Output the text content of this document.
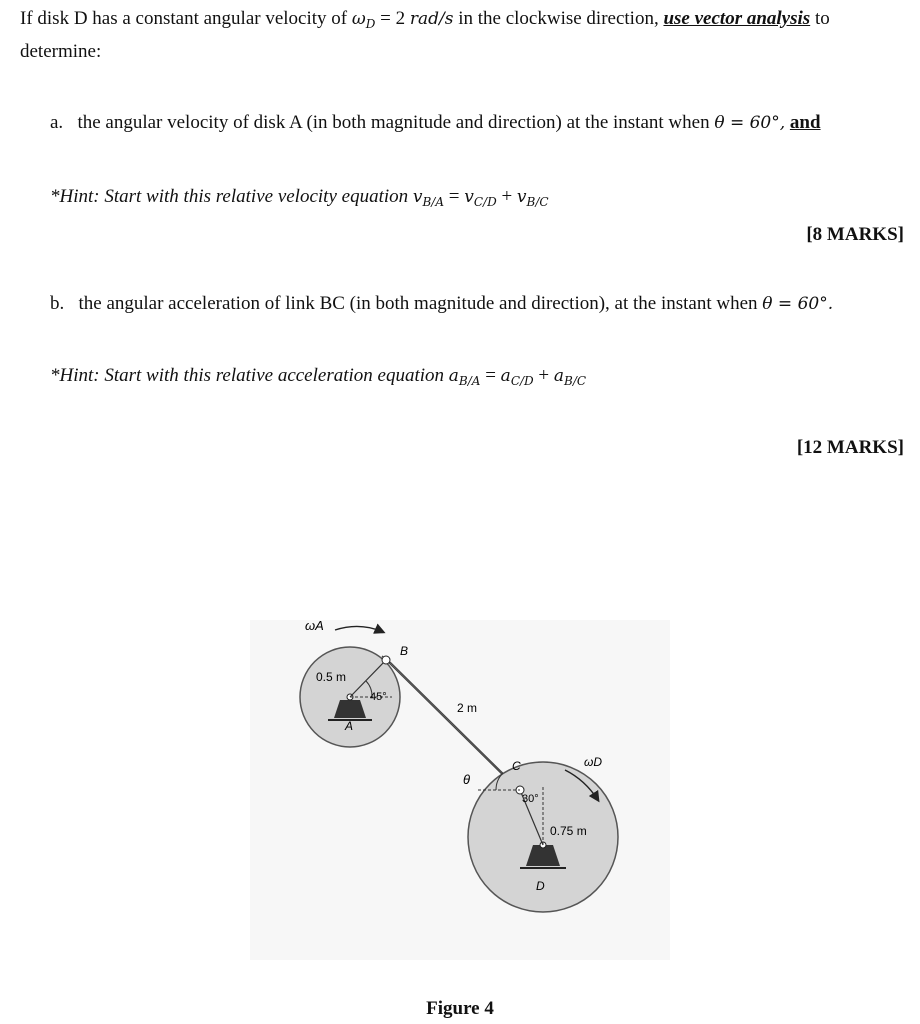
If disk D has a constant angular velocity of $\omega_D = 2$ rad/s in the clockwise direction, use vector analysis to
determine:
a. the angular velocity of disk A (in both magnitude and direction) at the instant when θ = 60°, and
*Hint: Start with this relative velocity equation $v_{B/A} = v_{C/D} + v_{B/C}$
[8 MARKS]
b. the angular acceleration of link BC (in both magnitude and direction), at the instant when θ = 60°.
*Hint: Start with this relative acceleration equation $a_{B/A} = a_{C/D} + a_{B/C}$
[12 MARKS]
ωA
0.5 m
45°
A
B
2 m
θ
C
30°
0.75 m
ωD
D
Figure 4
